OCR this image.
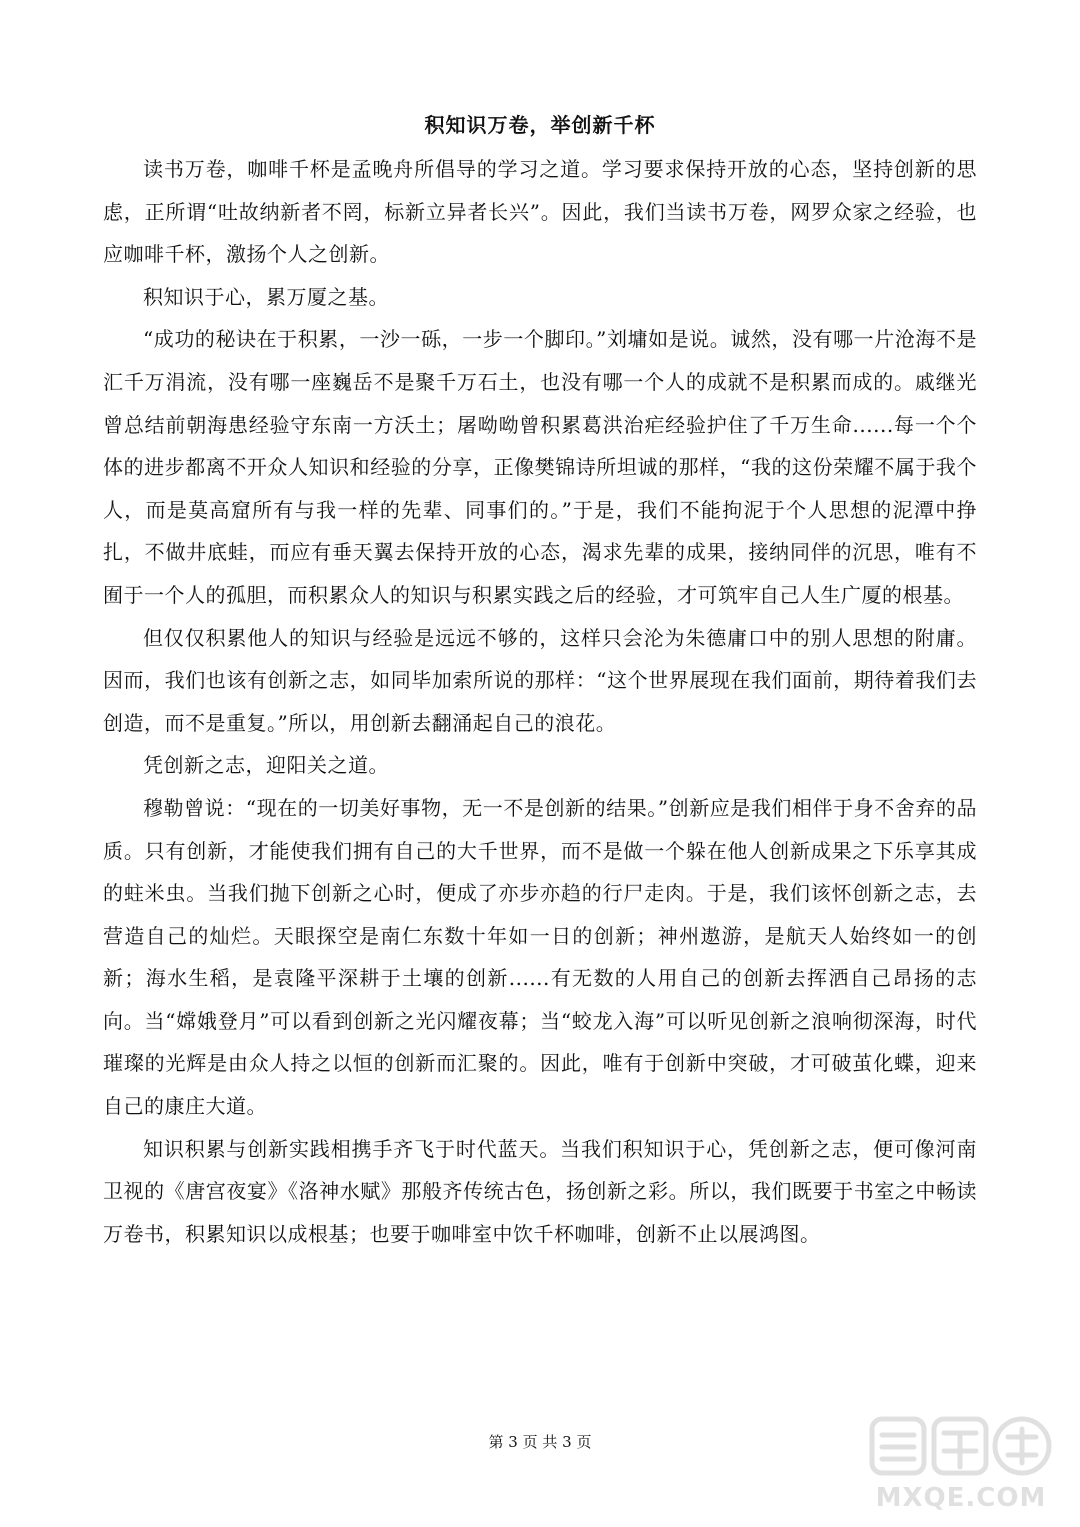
积知识万卷，举创新千杯

读书万卷，咖啡千杯是孟晚舟所倡导的学习之道。学习要求保持开放的心态，坚持创新的思虑，正所谓“吐故纳新者不罔，标新立异者长兴”。因此，我们当读书万卷，网罗众家之经验，也应咖啡千杯，激扬个人之创新。

积知识于心，累万厦之基。

“成功的秘诀在于积累，一沙一砾，一步一个脚印。”刘墉如是说。诚然，没有哪一片沧海不是汇千万涓流，没有哪一座巍岳不是聚千万石土，也没有哪一个人的成就不是积累而成的。戚继光曾总结前朝海患经验守东南一方沃土；屠呦呦曾积累葛洪治疟经验护住了千万生命......每一个个体的进步都离不开众人知识和经验的分享，正像樊锦诗所坦诚的那样，“我的这份荣耀不属于我个人，而是莫高窟所有与我一样的先辈、同事们的。”于是，我们不能拘泥于个人思想的泥潭中挣扎，不做井底蛙，而应有垂天翼去保持开放的心态，渴求先辈的成果，接纳同伴的沉思，唯有不囿于一个人的孤胆，而积累众人的知识与积累实践之后的经验，才可筑牢自己人生广厦的根基。

但仅仅积累他人的知识与经验是远远不够的，这样只会沦为朱德庸口中的别人思想的附庸。因而，我们也该有创新之志，如同毕加索所说的那样：“这个世界展现在我们面前，期待着我们去创造，而不是重复。”所以，用创新去翻涌起自己的浪花。

凭创新之志，迎阳关之道。

穆勒曾说：“现在的一切美好事物，无一不是创新的结果。”创新应是我们相伴于身不舍弃的品质。只有创新，才能使我们拥有自己的大千世界，而不是做一个躲在他人创新成果之下乐享其成的蛀米虫。当我们抛下创新之心时，便成了亦步亦趋的行尸走肉。于是，我们该怀创新之志，去营造自己的灿烂。天眼探空是南仁东数十年如一日的创新；神州遨游，是航天人始终如一的创新；海水生稻，是袁隆平深耕于土壤的创新......有无数的人用自己的创新去挥洒自己昂扬的志向。当“嫦娥登月”可以看到创新之光闪耀夜幕；当“蛟龙入海”可以听见创新之浪响彻深海，时代璀璨的光辉是由众人持之以恒的创新而汇聚的。因此，唯有于创新中突破，才可破茧化蝶，迎来自己的康庄大道。

知识积累与创新实践相携手齐飞于时代蓝天。当我们积知识于心，凭创新之志，便可像河南卫视的《唐宫夜宴》《洛神水赋》那般齐传统古色，扬创新之彩。所以，我们既要于书室之中畅读万卷书，积累知识以成根基；也要于咖啡室中饮千杯咖啡，创新不止以展鸿图。

第 3 页 共 3 页
MXQE.COM
